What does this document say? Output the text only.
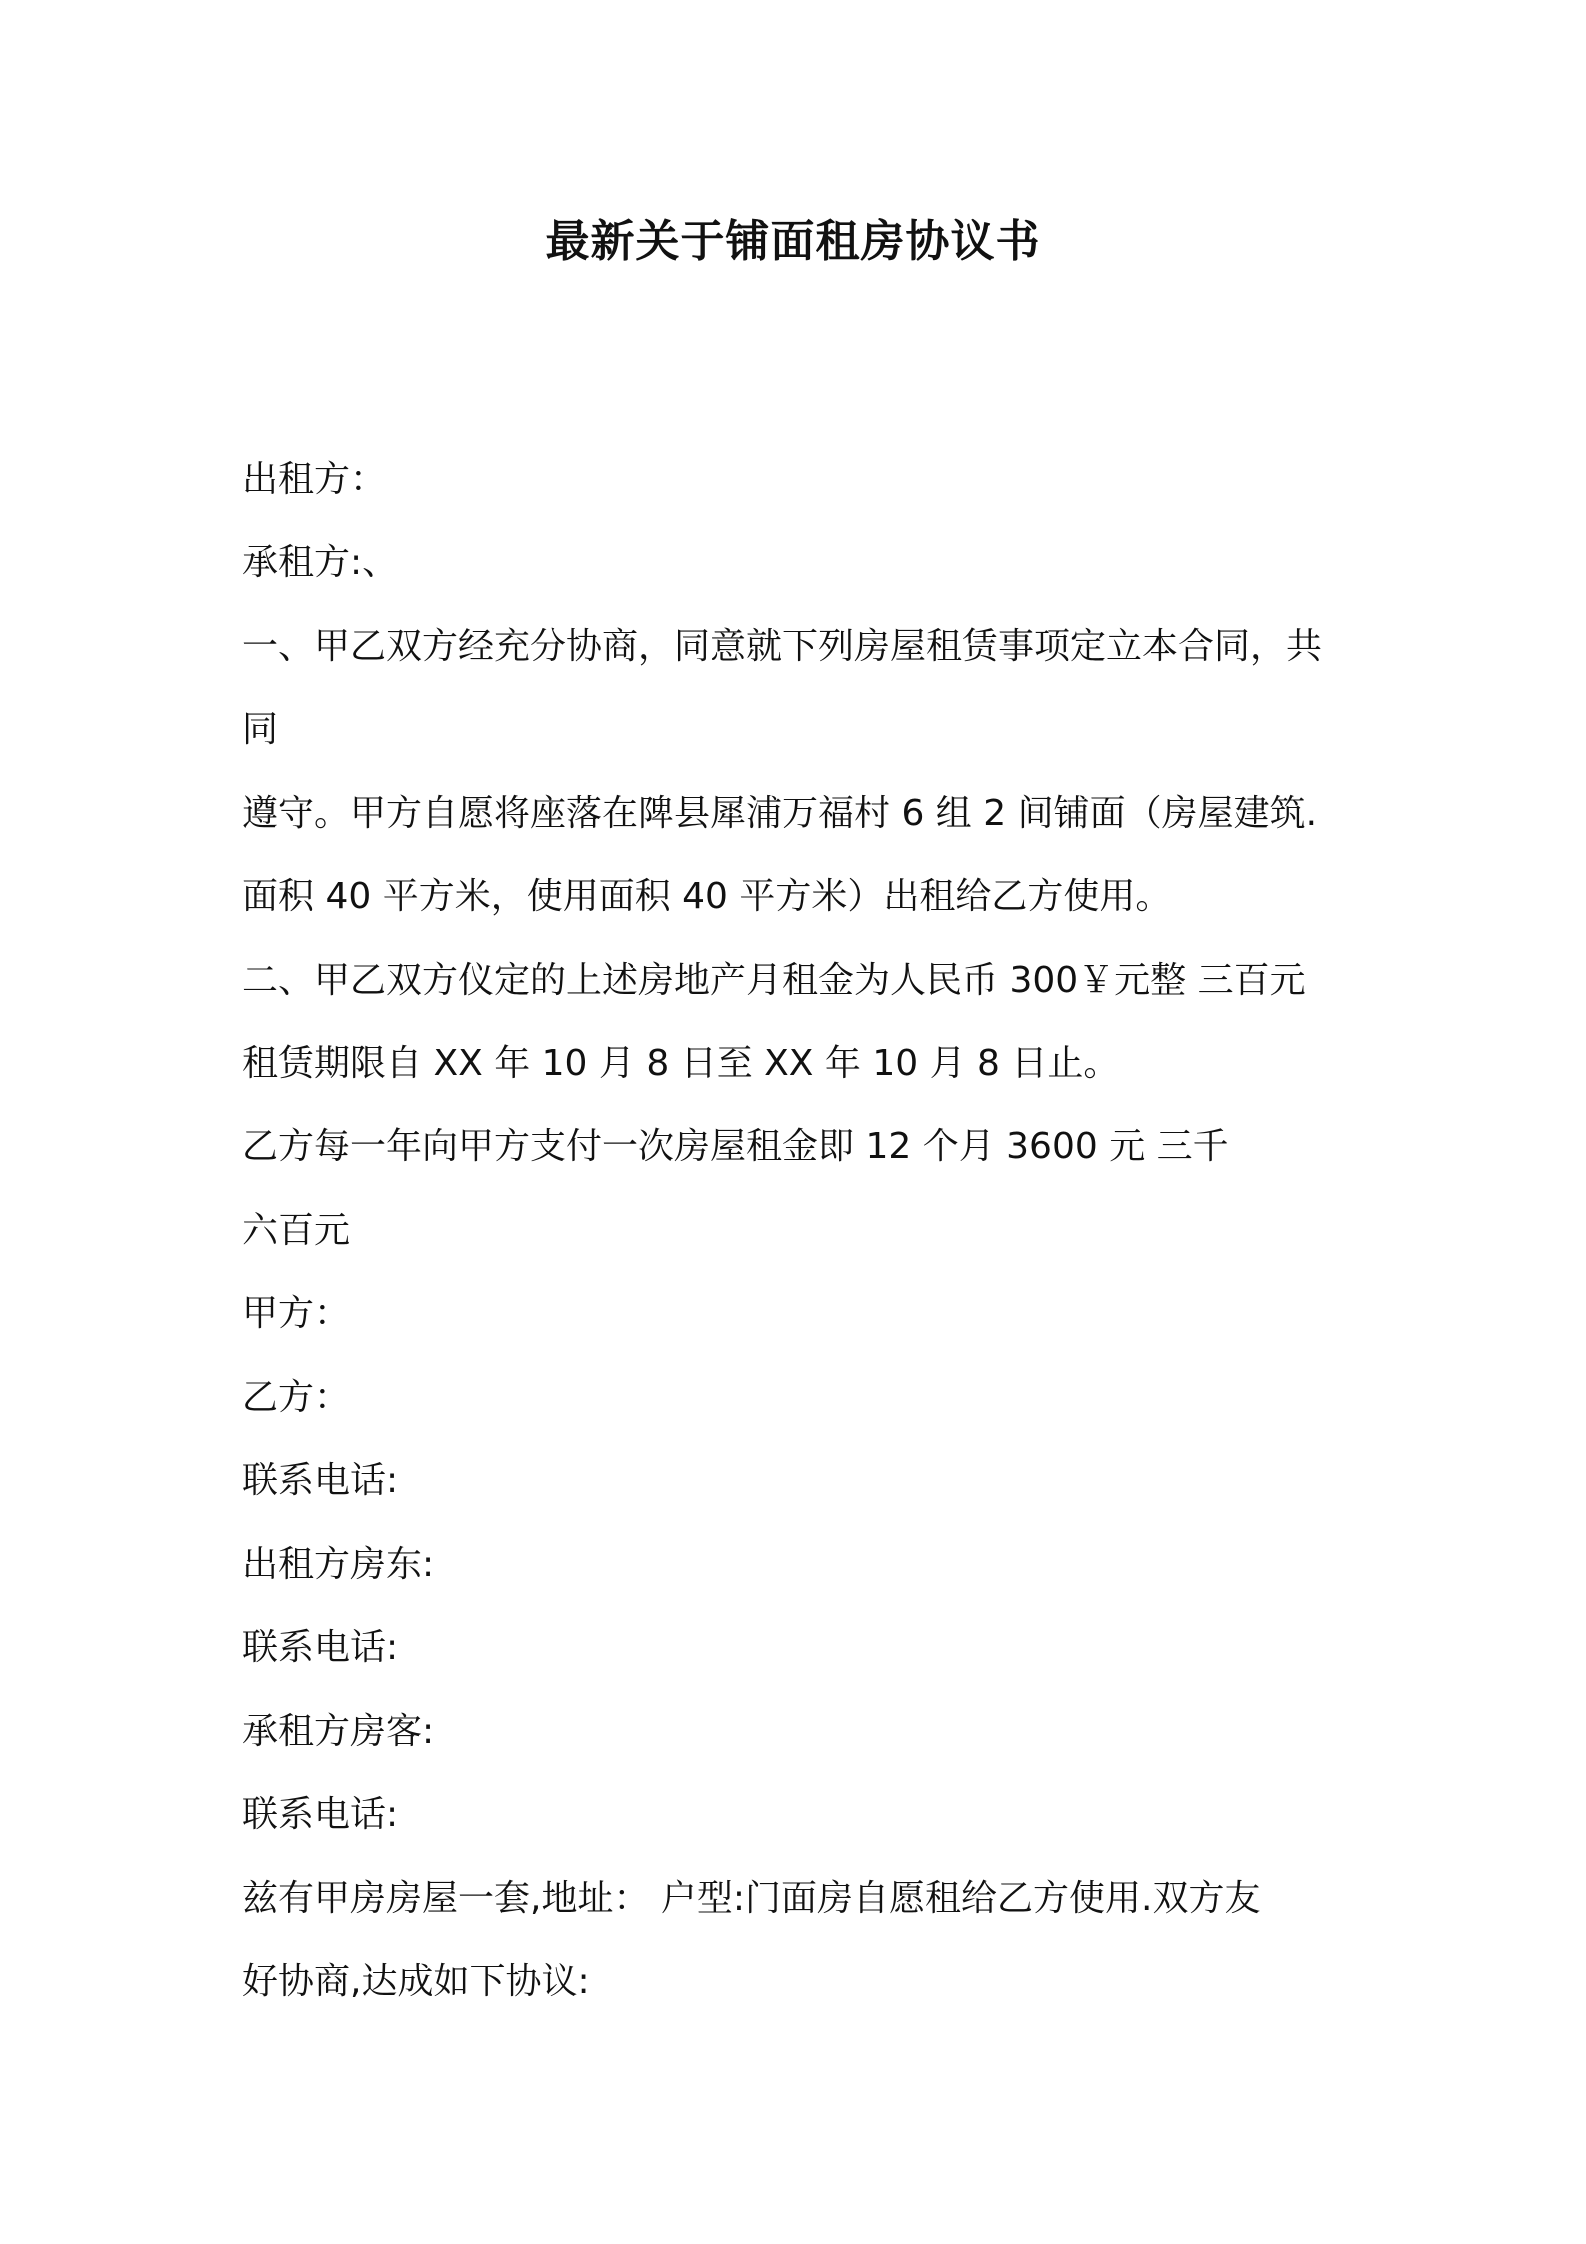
最新关于铺面租房协议书

出租方：

承租方:、

一、甲乙双方经充分协商，同意就下列房屋租赁事项定立本合同，共

同

遵守。甲方自愿将座落在陴县犀浦万福村 6 组 2 间铺面（房屋建筑.

面积 40 平方米，使用面积 40 平方米）出租给乙方使用。

二、甲乙双方仪定的上述房地产月租金为人民币 300￥元整 三百元

租赁期限自 XX 年 10 月 8 日至 XX 年 10 月 8 日止。

乙方每一年向甲方支付一次房屋租金即 12 个月 3600 元 三千

六百元

甲方：

乙方：

联系电话:

出租方房东:

联系电话:

承租方房客:

联系电话:

兹有甲房房屋一套,地址： 户型:门面房自愿租给乙方使用.双方友

好协商,达成如下协议:
